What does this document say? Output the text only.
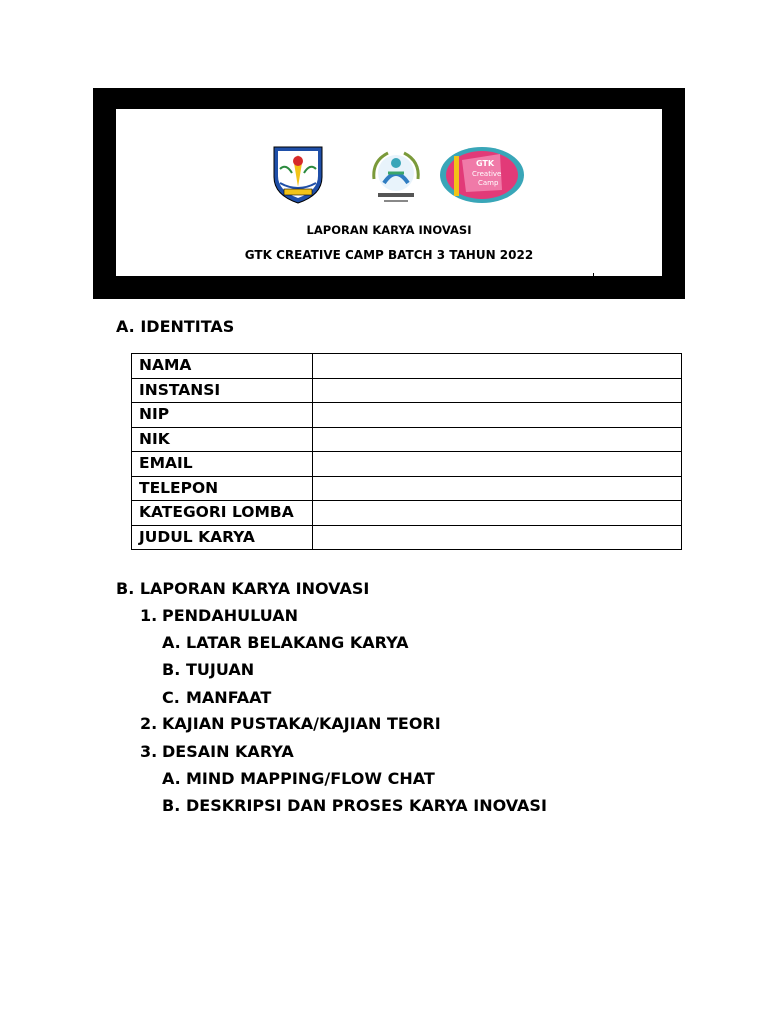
GTK
Creative
Camp
LAPORAN KARYA INOVASI
GTK CREATIVE CAMP BATCH 3 TAHUN 2022
“GTK JATIM KREATIF DAN INOVATIF DI ERA MERDEKA BELAJAR”
A. IDENTITAS
NAMA	
INSTANSI	
NIP	
NIK	
EMAIL	
TELEPON	
KATEGORI LOMBA	
JUDUL KARYA	
B. LAPORAN KARYA INOVASI
1. PENDAHULUAN
A. LATAR BELAKANG KARYA
B. TUJUAN
C. MANFAAT
2. KAJIAN PUSTAKA/KAJIAN TEORI
3. DESAIN KARYA
A. MIND MAPPING/FLOW CHAT
B. DESKRIPSI DAN PROSES KARYA INOVASI
